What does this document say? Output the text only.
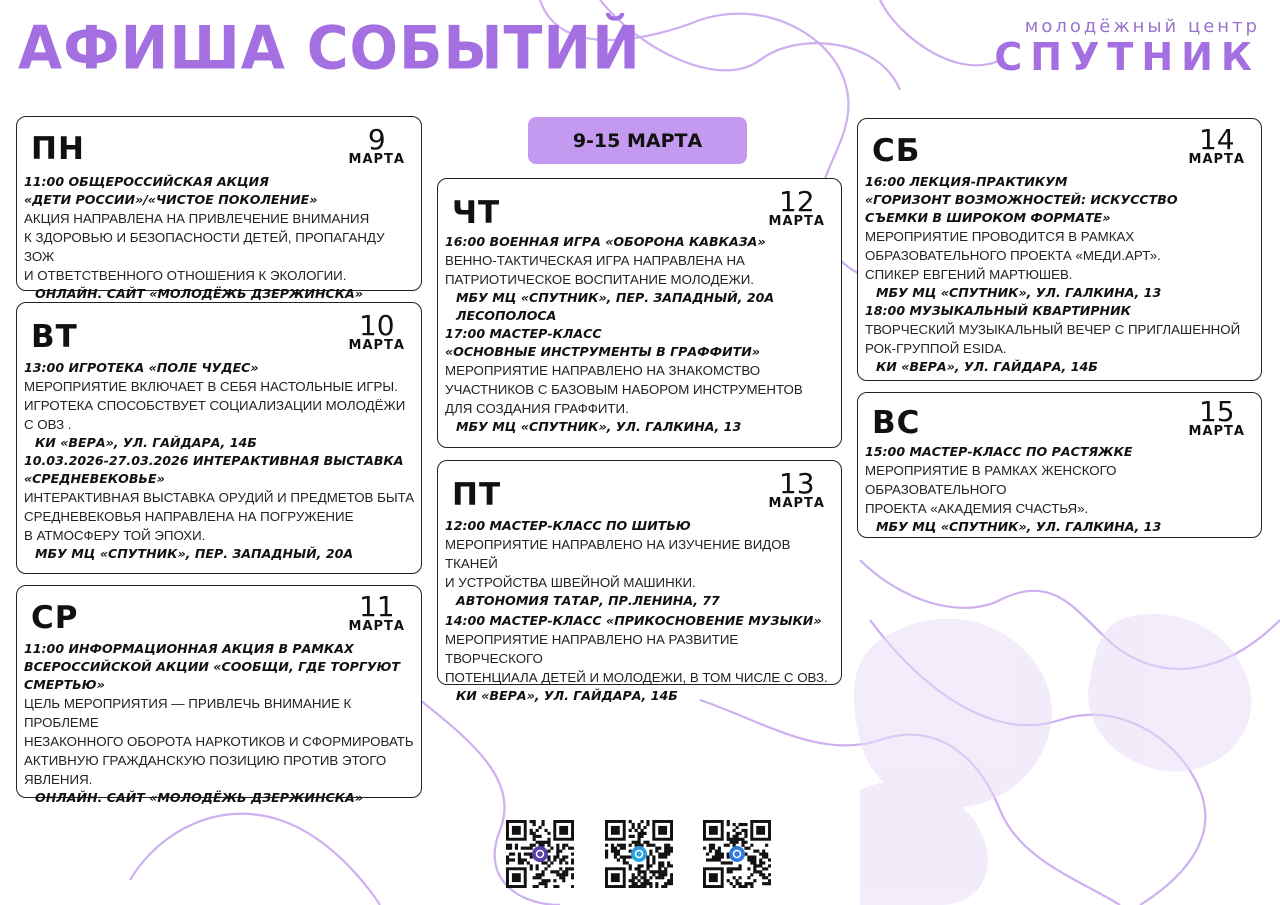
АФИША СОБЫТИЙ	молодёжный центр
СПУТНИК
9-15 МАРТА
ПН	9
МАРТА
11:00 ОБЩЕРОССИЙСКАЯ АКЦИЯ
«ДЕТИ РОССИИ»/«ЧИСТОЕ ПОКОЛЕНИЕ»
АКЦИЯ НАПРАВЛЕНА НА ПРИВЛЕЧЕНИЕ ВНИМАНИЯ
К ЗДОРОВЬЮ И БЕЗОПАСНОСТИ ДЕТЕЙ, ПРОПАГАНДУ ЗОЖ
И ОТВЕТСТВЕННОГО ОТНОШЕНИЯ К ЭКОЛОГИИ.
ОНЛАЙН. САЙТ «МОЛОДЁЖЬ ДЗЕРЖИНСКА»
ВТ	10
МАРТА
13:00 ИГРОТЕКА «ПОЛЕ ЧУДЕС»
МЕРОПРИЯТИЕ ВКЛЮЧАЕТ В СЕБЯ НАСТОЛЬНЫЕ ИГРЫ.
ИГРОТЕКА СПОСОБСТВУЕТ СОЦИАЛИЗАЦИИ МОЛОДЁЖИ
С ОВЗ .
КИ «ВЕРА», УЛ. ГАЙДАРА, 14Б
10.03.2026-27.03.2026 ИНТЕРАКТИВНАЯ ВЫСТАВКА
«СРЕДНЕВЕКОВЬЕ»
ИНТЕРАКТИВНАЯ ВЫСТАВКА ОРУДИЙ И ПРЕДМЕТОВ БЫТА
СРЕДНЕВЕКОВЬЯ НАПРАВЛЕНА НА ПОГРУЖЕНИЕ
В АТМОСФЕРУ ТОЙ ЭПОХИ.
МБУ МЦ «СПУТНИК», ПЕР. ЗАПАДНЫЙ, 20А
СР	11
МАРТА
11:00 ИНФОРМАЦИОННАЯ АКЦИЯ В РАМКАХ
ВСЕРОССИЙСКОЙ АКЦИИ «СООБЩИ, ГДЕ ТОРГУЮТ
СМЕРТЬЮ»
ЦЕЛЬ МЕРОПРИЯТИЯ — ПРИВЛЕЧЬ ВНИМАНИЕ К ПРОБЛЕМЕ
НЕЗАКОННОГО ОБОРОТА НАРКОТИКОВ И СФОРМИРОВАТЬ
АКТИВНУЮ ГРАЖДАНСКУЮ ПОЗИЦИЮ ПРОТИВ ЭТОГО
ЯВЛЕНИЯ.
ОНЛАЙН. САЙТ «МОЛОДЁЖЬ ДЗЕРЖИНСКА»
ЧТ	12
МАРТА
16:00 ВОЕННАЯ ИГРА «ОБОРОНА КАВКАЗА»
ВЕННО-ТАКТИЧЕСКАЯ ИГРА НАПРАВЛЕНА НА
ПАТРИОТИЧЕСКОЕ ВОСПИТАНИЕ МОЛОДЕЖИ.
МБУ МЦ «СПУТНИК», ПЕР. ЗАПАДНЫЙ, 20А
ЛЕСОПОЛОСА
17:00 МАСТЕР-КЛАСС
«ОСНОВНЫЕ ИНСТРУМЕНТЫ В ГРАФФИТИ»
МЕРОПРИЯТИЕ НАПРАВЛЕНО НА ЗНАКОМСТВО
УЧАСТНИКОВ С БАЗОВЫМ НАБОРОМ ИНСТРУМЕНТОВ
ДЛЯ СОЗДАНИЯ ГРАФФИТИ.
МБУ МЦ «СПУТНИК», УЛ. ГАЛКИНА, 13
ПТ	13
МАРТА
12:00 МАСТЕР-КЛАСС ПО ШИТЬЮ
МЕРОПРИЯТИЕ НАПРАВЛЕНО НА ИЗУЧЕНИЕ ВИДОВ ТКАНЕЙ
И УСТРОЙСТВА ШВЕЙНОЙ МАШИНКИ.
АВТОНОМИЯ ТАТАР, ПР.ЛЕНИНА, 77
14:00 МАСТЕР-КЛАСС «ПРИКОСНОВЕНИЕ МУЗЫКИ»
МЕРОПРИЯТИЕ НАПРАВЛЕНО НА РАЗВИТИЕ ТВОРЧЕСКОГО
ПОТЕНЦИАЛА ДЕТЕЙ И МОЛОДЕЖИ, В ТОМ ЧИСЛЕ С ОВЗ.
КИ «ВЕРА», УЛ. ГАЙДАРА, 14Б
СБ	14
МАРТА
16:00 ЛЕКЦИЯ-ПРАКТИКУМ
«ГОРИЗОНТ ВОЗМОЖНОСТЕЙ: ИСКУССТВО
СЪЕМКИ В ШИРОКОМ ФОРМАТЕ»
МЕРОПРИЯТИЕ ПРОВОДИТСЯ В РАМКАХ
ОБРАЗОВАТЕЛЬНОГО ПРОЕКТА «МЕДИ.АРТ».
СПИКЕР ЕВГЕНИЙ МАРТЮШЕВ.
МБУ МЦ «СПУТНИК», УЛ. ГАЛКИНА, 13
18:00 МУЗЫКАЛЬНЫЙ КВАРТИРНИК
ТВОРЧЕСКИЙ МУЗЫКАЛЬНЫЙ ВЕЧЕР С ПРИГЛАШЕННОЙ
РОК-ГРУППОЙ ESIDA.
КИ «ВЕРА», УЛ. ГАЙДАРА, 14Б
ВС	15
МАРТА
15:00 МАСТЕР-КЛАСС ПО РАСТЯЖКЕ
МЕРОПРИЯТИЕ В РАМКАХ ЖЕНСКОГО ОБРАЗОВАТЕЛЬНОГО
ПРОЕКТА «АКАДЕМИЯ СЧАСТЬЯ».
МБУ МЦ «СПУТНИК», УЛ. ГАЛКИНА, 13
